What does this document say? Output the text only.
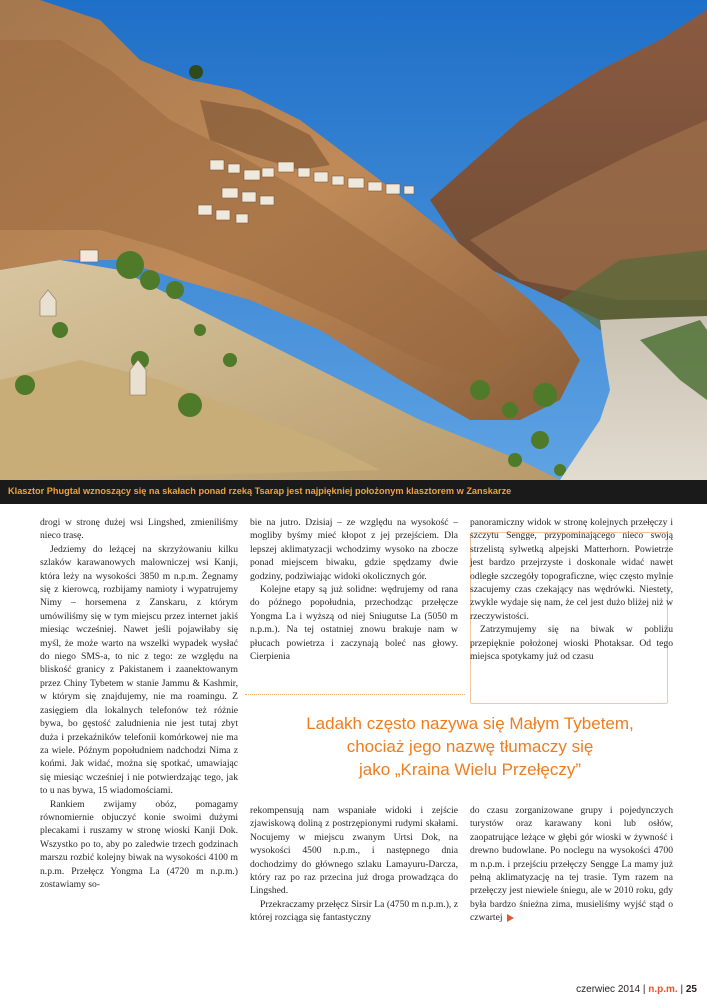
Klasztor Phugtal wznoszący się na skałach ponad rzeką Tsarap jest najpiękniej położonym klasztorem w Zanskarze

drogi w stronę dużej wsi Lingshed, zmieniliśmy nieco trasę.

Jedziemy do leżącej na skrzyżowaniu kilku szlaków karawanowych malowniczej wsi Kanji, która leży na wysokości 3850 m n.p.m. Żegnamy się z kierowcą, rozbijamy namioty i wypatrujemy Nimy – horsemena z Zanskaru, z którym umówiliśmy się w tym miejscu przez internet jakiś miesiąc wcześniej. Nawet jeśli pojawiłaby się myśl, że może warto na wszelki wypadek wysłać do niego SMS-a, to nic z tego: ze względu na bliskość granicy z Pakistanem i zaanektowanym przez Chiny Tybetem w stanie Jammu & Kashmir, w którym się znajdujemy, nie ma roamingu. Z zasięgiem dla lokalnych telefonów też różnie bywa, bo gęstość zaludnienia nie jest tutaj zbyt duża i przekaźników telefonii komórkowej nie ma za wiele. Późnym popołudniem nadchodzi Nima z końmi. Jak widać, można się spotkać, umawiając się miesiąc wcześniej i nie potwierdzając tego, jak to u nas bywa, 15 wiadomościami.

Rankiem zwijamy obóz, pomagamy równomiernie objuczyć konie swoimi dużymi plecakami i ruszamy w stronę wioski Kanji Dok. Wszystko po to, aby po zaledwie trzech godzinach marszu rozbić kolejny biwak na wysokości 4100 m n.p.m. Przełęcz Yongma La (4720 m n.p.m.) zostawiamy so-

bie na jutro. Dzisiaj – ze względu na wysokość – mogliby byśmy mieć kłopot z jej przejściem. Dla lepszej aklimatyzacji wchodzimy wysoko na zbocze ponad miejscem biwaku, gdzie spędzamy dwie godziny, podziwiając widoki okolicznych gór.

Kolejne etapy są już solidne: wędrujemy od rana do późnego popołudnia, przechodząc przełęcze Yongma La i wyższą od niej Sniugutse La (5050 m n.p.m.). Na tej ostatniej znowu brakuje nam w płucach powietrza i zaczynają boleć nas głowy. Cierpienia

panoramiczny widok w stronę kolejnych przełęczy i szczytu Sengge, przypominającego nieco swoją strzelistą sylwetką alpejski Matterhorn. Powietrze jest bardzo przejrzyste i doskonale widać nawet odległe szczegóły topograficzne, więc często mylnie szacujemy czas czekający nas wędrówki. Niestety, zwykle wydaje się nam, że cel jest dużo bliżej niż w rzeczywistości.

Zatrzymujemy się na biwak w pobliżu przepięknie położonej wioski Photaksar. Od tego miejsca spotykamy już od czasu

Ladakh często nazywa się Małym Tybetem,
chociaż jego nazwę tłumaczy się
jako „Kraina Wielu Przełęczy”

rekompensują nam wspaniałe widoki i zejście zjawiskową doliną z postrzępionymi rudymi skałami. Nocujemy w miejscu zwanym Urtsi Dok, na wysokości 4500 n.p.m., i następnego dnia dochodzimy do głównego szlaku Lamayuru-Darcza, który raz po raz przecina już droga prowadząca do Lingshed.

Przekraczamy przełęcz Sirsir La (4750 m n.p.m.), z której rozciąga się fantastyczny

do czasu zorganizowane grupy i pojedynczych turystów oraz karawany koni lub osłów, zaopatrujące leżące w głębi gór wioski w żywność i drewno budowlane. Po noclegu na wysokości 4700 m n.p.m. i przejściu przełęczy Sengge La mamy już pełną aklimatyzację na tej trasie. Tym razem na przełęczy jest niewiele śniegu, ale w 2010 roku, gdy była bardzo śnieżna zima, musieliśmy wyjść stąd o czwartej

czerwiec 2014 | n.p.m. | 25
